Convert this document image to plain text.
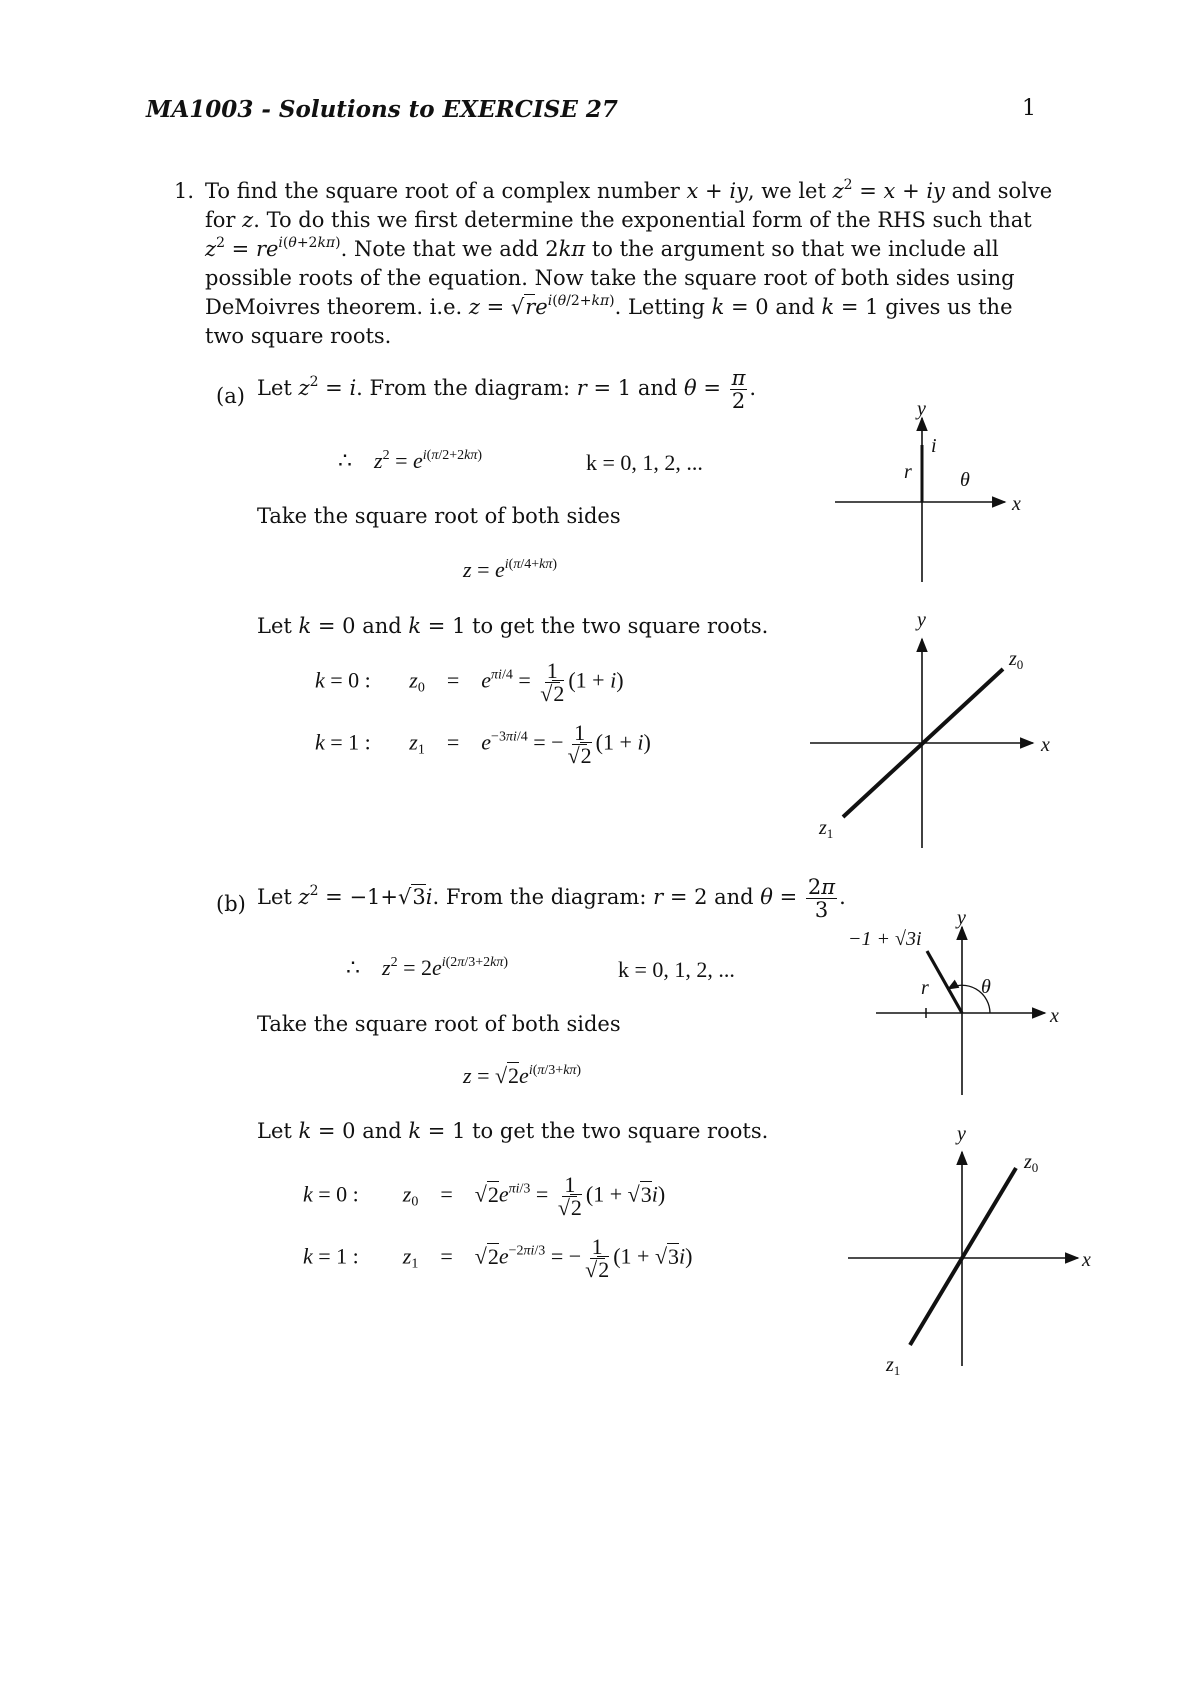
MA1003 - Solutions to EXERCISE 27	1
1. To find the square root of a complex number x + iy, we let $z^2 = x$ + iy and solve
for z. To do this we first determine the exponential form of the RHS such that
$z^2 = re^{i(\theta+2k\pi)}$. Note that we add 2kπ to the argument so that we include all
possible roots of the equation. Now take the square root of both sides using
DeMoivres theorem. i.e. $z = √re^{i(\theta/2+k\pi)}$. Letting k = 0 and k = 1 gives us the
two square roots.
(a) Let $z^2 = i$. From the diagram: r = 1 and $\theta = \frac{\pi}{2}$ .
∴    $z^2 = e^{i(\pi/2+2k\pi)}$	k = 0, 1, 2, ...
Take the square root of both sides
$z = e^{i(\pi/4+k\pi)}$
Let k = 0 and k = 1 to get the two square roots.
k = 0 :       $z_0$    =    $e^{\pi i/4} = \frac{1}{√2} (1 + i)$
k = 1 :       $z_1$    =    $e^{-3\pi i/4}$ = − $\frac{1}{√2} (1 + i)$
(b) Let $z^2 = -1+√3i$. From the diagram: r = 2 and $\theta = \frac{2\pi}{3}$ .
∴    $z^2 = 2e^{i(2\pi/3+2k\pi)}$	k = 0, 1, 2, ...
Take the square root of both sides
$z = √2e^{i(\pi/3+k\pi)}$
Let k = 0 and k = 1 to get the two square roots.
k = 0 :        $z_0$    =    $√2e^{\pi i/3} = \frac{1}{√2} (1 + √3i)$
k = 1 :        $z_1$    =    $√2e^{-2\pi i/3}$ = − $\frac{1}{√2} (1 + √3i)$
x
y
i
r θ
x
y
$z_0$
$z_1$
x
y
−1 + √3i
r	θ
x
y
$z_0$
$z_1$
